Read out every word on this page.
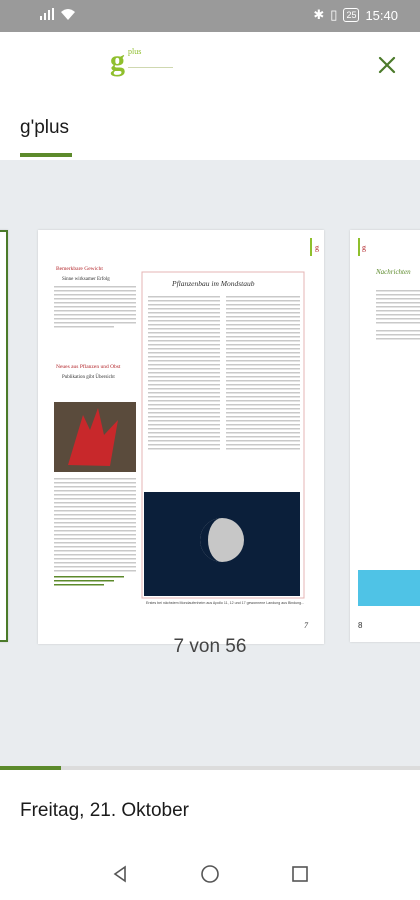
✱ ▯	25 15:40
g plus
g'plus
Bemerkbare Gewicht
Sinne wirksamer Erfolg
Neues aus Pflanzen und Obst
Publikation gibt Übersicht
Pflanzenbau im Mondstaub
Erstes bei nächstem Mondaufenheim aus Apollo 11, 12 und 17 gewonnene Landung aus Bindung...
g
7
g
Nachrichten
8
7 von 56
Freitag, 21. Oktober
